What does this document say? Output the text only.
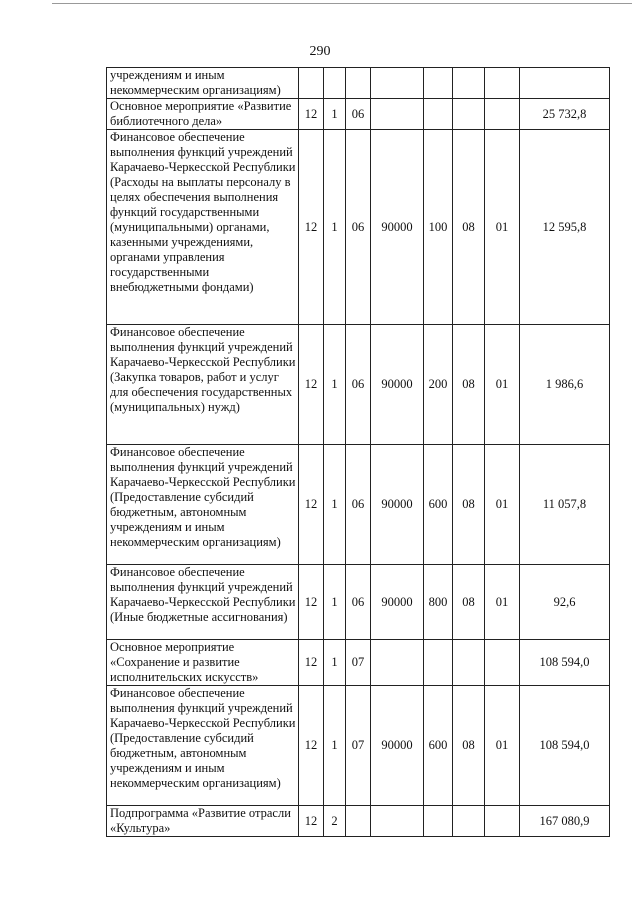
290
учреждениям и иным некоммерческим организациям)								
Основное мероприятие «Развитие библиотечного дела»	12	1	06					25 732,8
Финансовое обеспечение выполнения функций учреждений Карачаево-Черкесской Республики (Расходы на выплаты персоналу в целях обеспечения выполнения функций государственными (муниципальными) органами, казенными учреждениями, органами управления государственными внебюджетными фондами)	12	1	06	90000	100	08	01	12 595,8
Финансовое обеспечение выполнения функций учреждений Карачаево-Черкесской Республики (Закупка товаров, работ и услуг для обеспечения государственных (муниципальных) нужд)	12	1	06	90000	200	08	01	1 986,6
Финансовое обеспечение выполнения функций учреждений Карачаево-Черкесской Республики (Предоставление субсидий бюджетным, автономным учреждениям и иным некоммерческим организациям)	12	1	06	90000	600	08	01	11 057,8
Финансовое обеспечение выполнения функций учреждений Карачаево-Черкесской Республики (Иные бюджетные ассигнования)	12	1	06	90000	800	08	01	92,6
Основное мероприятие «Сохранение и развитие исполнительских искусств»	12	1	07					108 594,0
Финансовое обеспечение выполнения функций учреждений Карачаево-Черкесской Республики (Предоставление субсидий бюджетным, автономным учреждениям и иным некоммерческим организациям)	12	1	07	90000	600	08	01	108 594,0
Подпрограмма «Развитие отрасли «Культура»	12	2						167 080,9
